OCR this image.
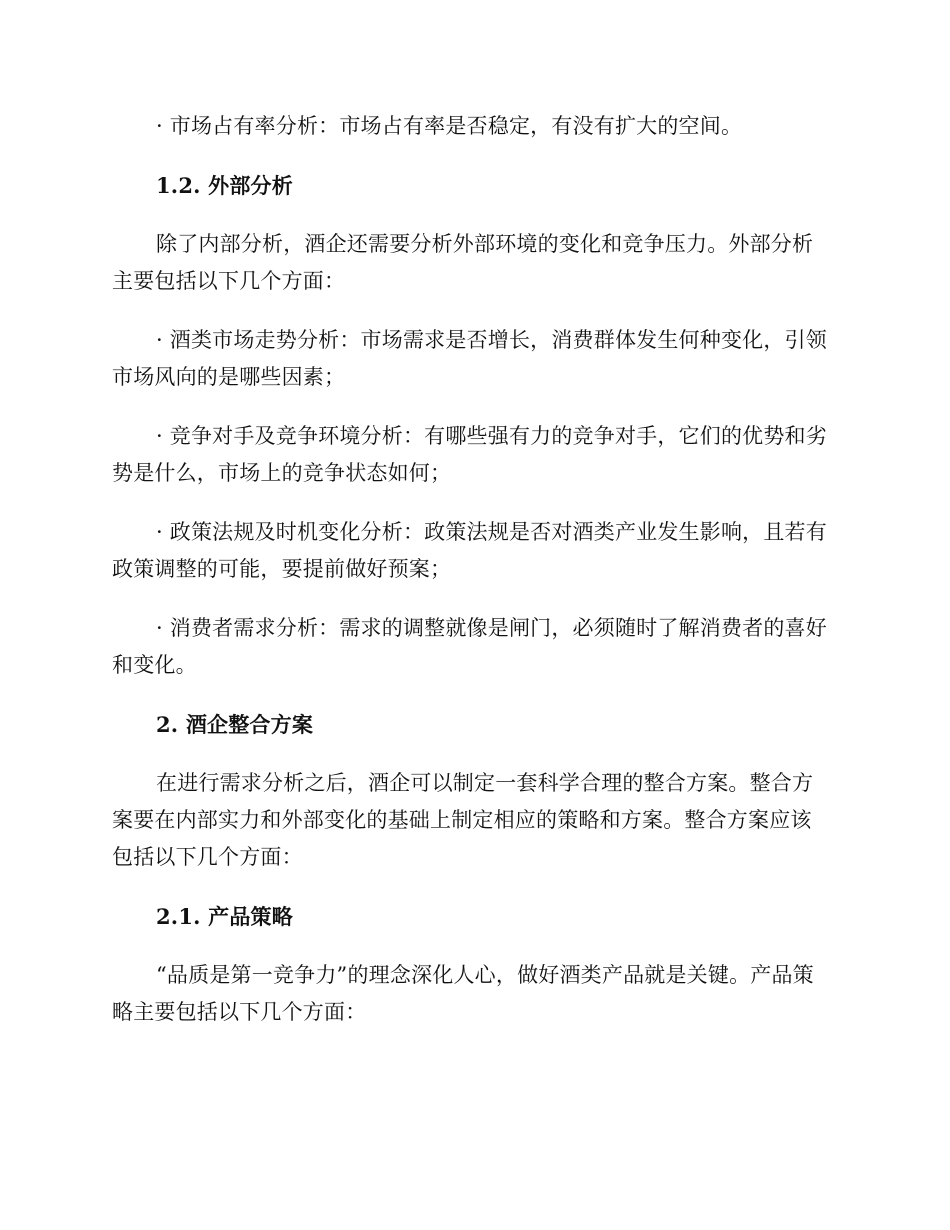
· 市场占有率分析：市场占有率是否稳定，有没有扩大的空间。

1.2. 外部分析

除了内部分析，酒企还需要分析外部环境的变化和竞争压力。外部分析主要包括以下几个方面：

· 酒类市场走势分析：市场需求是否增长，消费群体发生何种变化，引领市场风向的是哪些因素；

· 竞争对手及竞争环境分析：有哪些强有力的竞争对手，它们的优势和劣势是什么，市场上的竞争状态如何；

· 政策法规及时机变化分析：政策法规是否对酒类产业发生影响，且若有政策调整的可能，要提前做好预案；

· 消费者需求分析：需求的调整就像是闸门，必须随时了解消费者的喜好和变化。

2. 酒企整合方案

在进行需求分析之后，酒企可以制定一套科学合理的整合方案。整合方案要在内部实力和外部变化的基础上制定相应的策略和方案。整合方案应该包括以下几个方面：

2.1. 产品策略

“品质是第一竞争力”的理念深化人心，做好酒类产品就是关键。产品策略主要包括以下几个方面：
